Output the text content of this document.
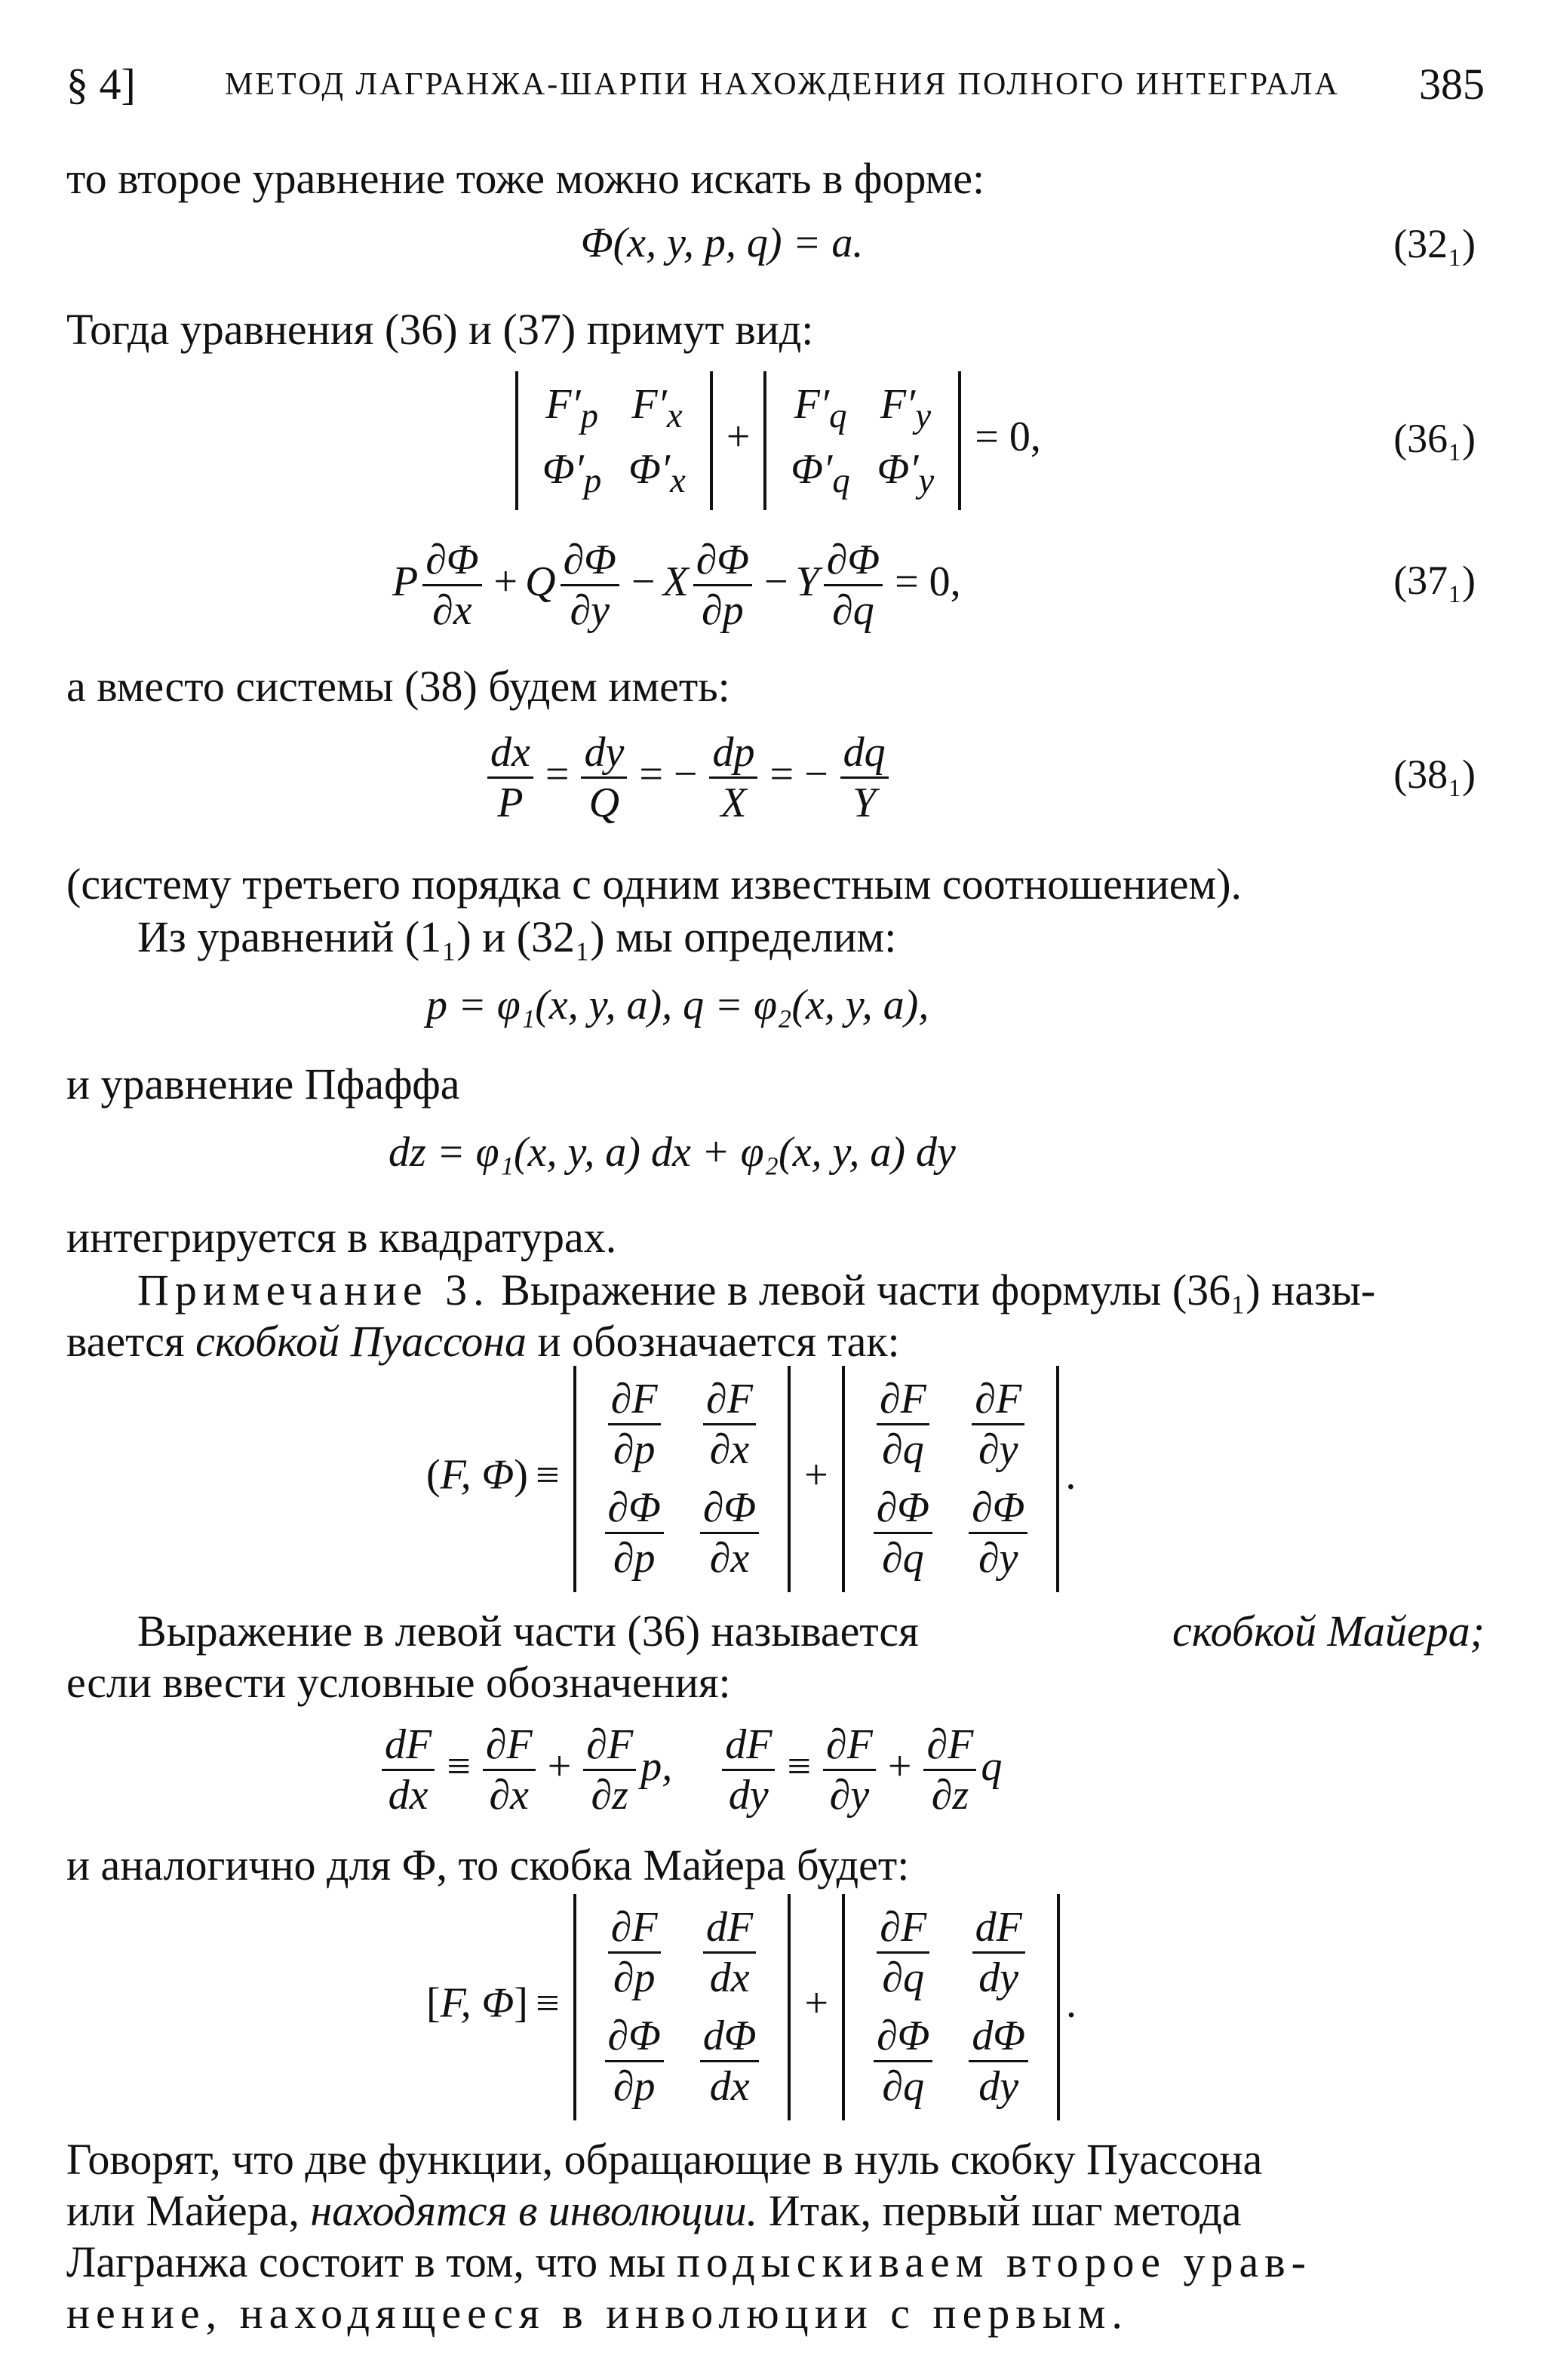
§ 4]	МЕТОД ЛАГРАНЖА-ШАРПИ НАХОЖДЕНИЯ ПОЛНОГО ИНТЕГРАЛА 385
то второе уравнение тоже можно искать в форме:
Φ(x, y, p, q) = a.	(32₁)
Тогда уравнения (36) и (37) примут вид:
$F'_p$	$F'_x$
$\Phi'_p$	$\Phi'_x$
+
$F'_q$	$F'_y$
$\Phi'_q$	$\Phi'_y$
= 0,	(36₁)
P $\frac{\partial\Phi}{\partial x} + Q \frac{\partial\Phi}{\partial y} - X \frac{\partial\Phi}{\partial p} - Y \frac{\partial\Phi}{\partial q} = 0$,	(37₁)
а вместо системы (38) будем иметь:
$\frac{dx}{P} = \frac{dy}{Q}$ = − $\frac{dp}{X}$ = − $\frac{dq}{Y}$	(38₁)
(систему третьего порядка с одним известным соотношением).
Из уравнений (1₁) и (32₁) мы определим:
p = φ₁(x, y, a), q = φ₂(x, y, a),
и уравнение Пфаффа
dz = φ₁(x, y, a) dx + φ₂(x, y, a) dy
интегрируется в квадратурах.
Примечание 3. Выражение в левой части формулы (36₁) назы-
вается скобкой Пуассона и обозначается так:
(F, Φ) ≡
$\frac{\partial F}{\partial p}$	$\frac{\partial F}{\partial x}$

$\frac{\partial\Phi}{\partial p}$	$\frac{\partial\Phi}{\partial x}$
+
$\frac{\partial F}{\partial q}$	$\frac{\partial F}{\partial y}$

$\frac{\partial\Phi}{\partial q}$	$\frac{\partial\Phi}{\partial y}$
.
Выражение в левой части (36) называется	скобкой Майера;
если ввести условные обозначения:
$\frac{dF}{dx} \equiv \frac{\partial F}{\partial x} + \frac{\partial F}{\partial z} p$, $\frac{dF}{dy} \equiv \frac{\partial F}{\partial y} + \frac{\partial F}{\partial z}$ q
и аналогично для Ф, то скобка Майера будет:
[F, Φ] ≡
$\frac{\partial F}{\partial p}$	$\frac{dF}{dx}$

$\frac{\partial\Phi}{\partial p}$	$\frac{d\Phi}{dx}$
+
$\frac{\partial F}{\partial q}$	$\frac{dF}{dy}$

$\frac{\partial\Phi}{\partial q}$	$\frac{d\Phi}{dy}$
.
Говорят, что две функции, обращающие в нуль скобку Пуассона
или Майера, находятся в инволюции. Итак, первый шаг метода
Лагранжа состоит в том, что мы подыскиваем второе урав-
нение, находящееся в инволюции с первым.
